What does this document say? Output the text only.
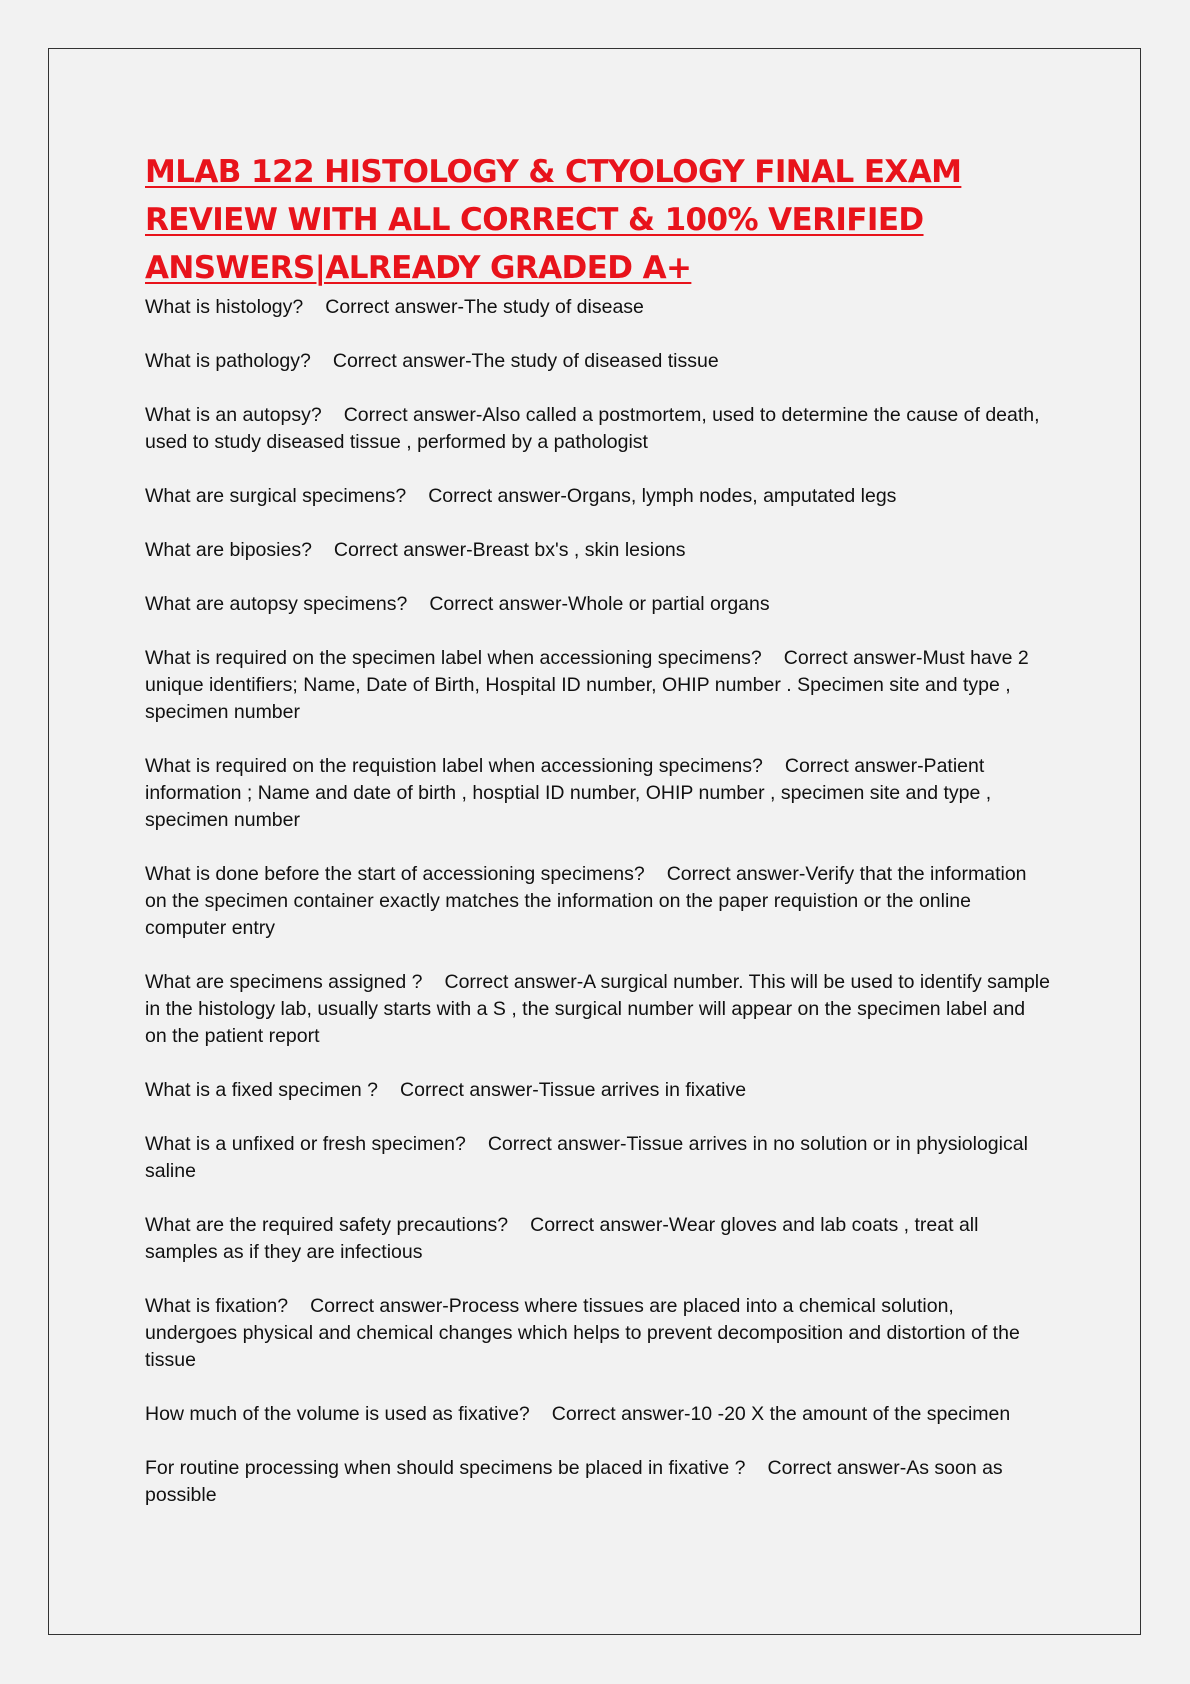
MLAB 122 HISTOLOGY & CTYOLOGY FINAL EXAM REVIEW WITH ALL CORRECT & 100% VERIFIED ANSWERS|ALREADY GRADED A+
What is histology? Correct answer-The study of disease
What is pathology? Correct answer-The study of diseased tissue
What is an autopsy? Correct answer-Also called a postmortem, used to determine the cause of death, used to study diseased tissue , performed by a pathologist
What are surgical specimens? Correct answer-Organs, lymph nodes, amputated legs
What are biposies? Correct answer-Breast bx's , skin lesions
What are autopsy specimens? Correct answer-Whole or partial organs
What is required on the specimen label when accessioning specimens? Correct answer-Must have 2 unique identifiers; Name, Date of Birth, Hospital ID number, OHIP number . Specimen site and type , specimen number
What is required on the requistion label when accessioning specimens? Correct answer-Patient information ; Name and date of birth , hosptial ID number, OHIP number , specimen site and type , specimen number
What is done before the start of accessioning specimens? Correct answer-Verify that the information on the specimen container exactly matches the information on the paper requistion or the online computer entry
What are specimens assigned ? Correct answer-A surgical number. This will be used to identify sample in the histology lab, usually starts with a S , the surgical number will appear on the specimen label and on the patient report
What is a fixed specimen ? Correct answer-Tissue arrives in fixative
What is a unfixed or fresh specimen? Correct answer-Tissue arrives in no solution or in physiological saline
What are the required safety precautions? Correct answer-Wear gloves and lab coats , treat all samples as if they are infectious
What is fixation? Correct answer-Process where tissues are placed into a chemical solution, undergoes physical and chemical changes which helps to prevent decomposition and distortion of the tissue
How much of the volume is used as fixative? Correct answer-10 -20 X the amount of the specimen
For routine processing when should specimens be placed in fixative ? Correct answer-As soon as possible
